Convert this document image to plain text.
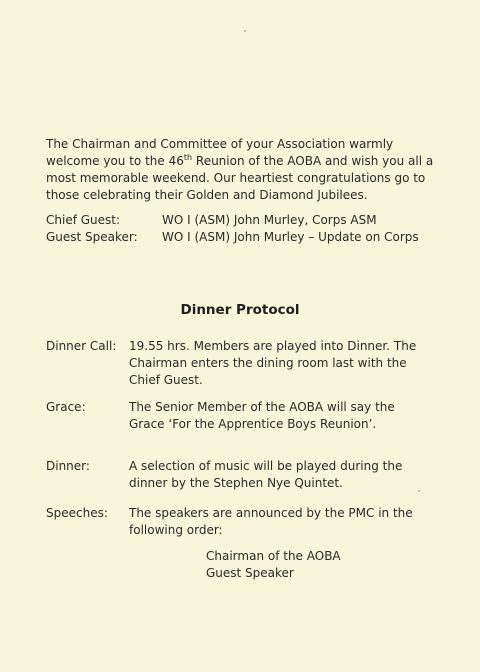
The Chairman and Committee of your Association warmly welcome you to the 46th Reunion of the AOBA and wish you all a most memorable weekend. Our heartiest congratulations go to those celebrating their Golden and Diamond Jubilees.

Chief Guest:	WO I (ASM) John Murley, Corps ASM
Guest Speaker:	WO I (ASM) John Murley – Update on Corps
Dinner Protocol
Dinner Call:	19.55 hrs. Members are played into Dinner. The Chairman enters the dining room last with the Chief Guest.
Grace:	The Senior Member of the AOBA will say the Grace ‘For the Apprentice Boys Reunion’.
Dinner:	A selection of music will be played during the dinner by the Stephen Nye Quintet.
Speeches:	The speakers are announced by the PMC in the following order:
Chairman of the AOBA
Guest Speaker
